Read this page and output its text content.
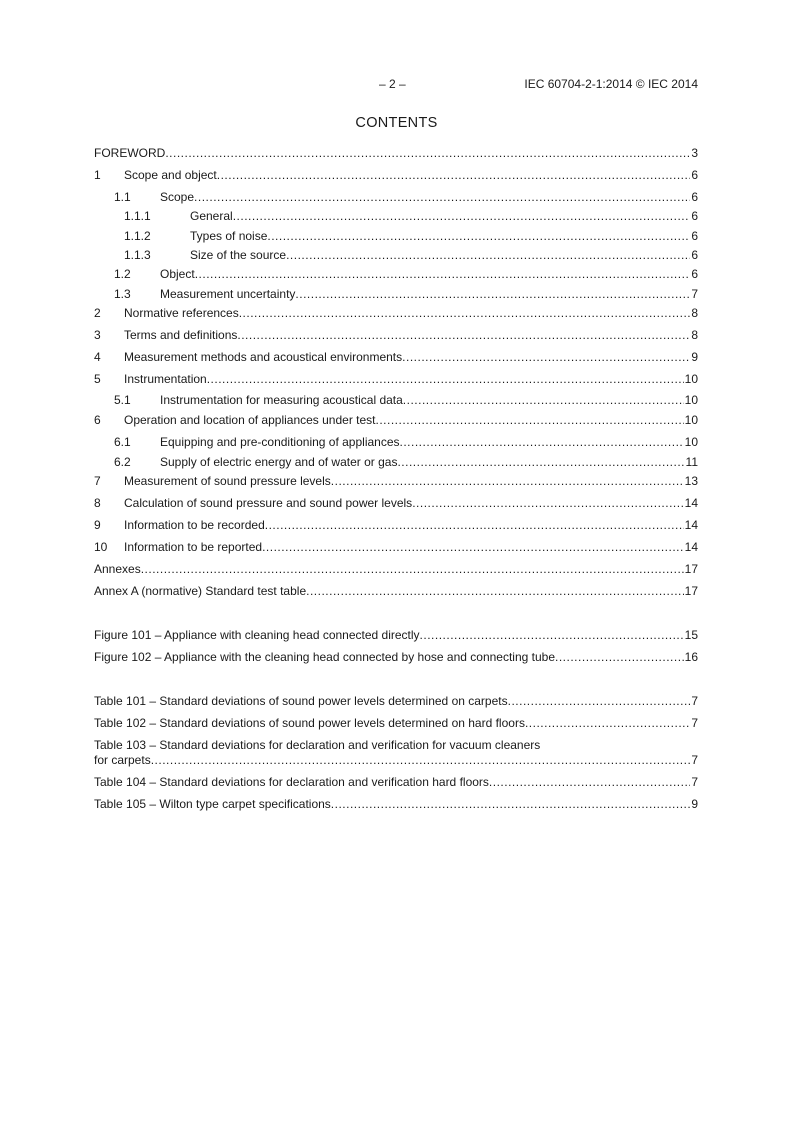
– 2 –	IEC 60704-2-1:2014 © IEC 2014
CONTENTS
FOREWORD .....	3
1	Scope and object .....	6
1.1	Scope .....	6
1.1.1	General .....	6
1.1.2	Types of noise .....	6
1.1.3	Size of the source .....	6
1.2	Object .....	6
1.3	Measurement uncertainty .....	7
2	Normative references .....	8
3	Terms and definitions .....	8
4	Measurement methods and acoustical environments .....	9
5	Instrumentation .....	10
5.1	Instrumentation for measuring acoustical data .....	10
6	Operation and location of appliances under test .....	10
6.1	Equipping and pre-conditioning of appliances .....	10
6.2	Supply of electric energy and of water or gas .....	11
7	Measurement of sound pressure levels .....	13
8	Calculation of sound pressure and sound power levels .....	14
9	Information to be recorded .....	14
10	Information to be reported .....	14
Annexes .....	17
Annex A (normative) Standard test table .....	17
Figure 101 – Appliance with cleaning head connected directly .....	15
Figure 102 – Appliance with the cleaning head connected by hose and connecting tube .....	16
Table 101 – Standard deviations of sound power levels determined on carpets .....	7
Table 102 – Standard deviations of sound power levels determined on hard floors .....	7
Table 103 – Standard deviations for declaration and verification for vacuum cleaners
for carpets .....	7
Table 104 – Standard deviations for declaration and verification hard floors .....	7
Table 105 – Wilton type carpet specifications .....	9
